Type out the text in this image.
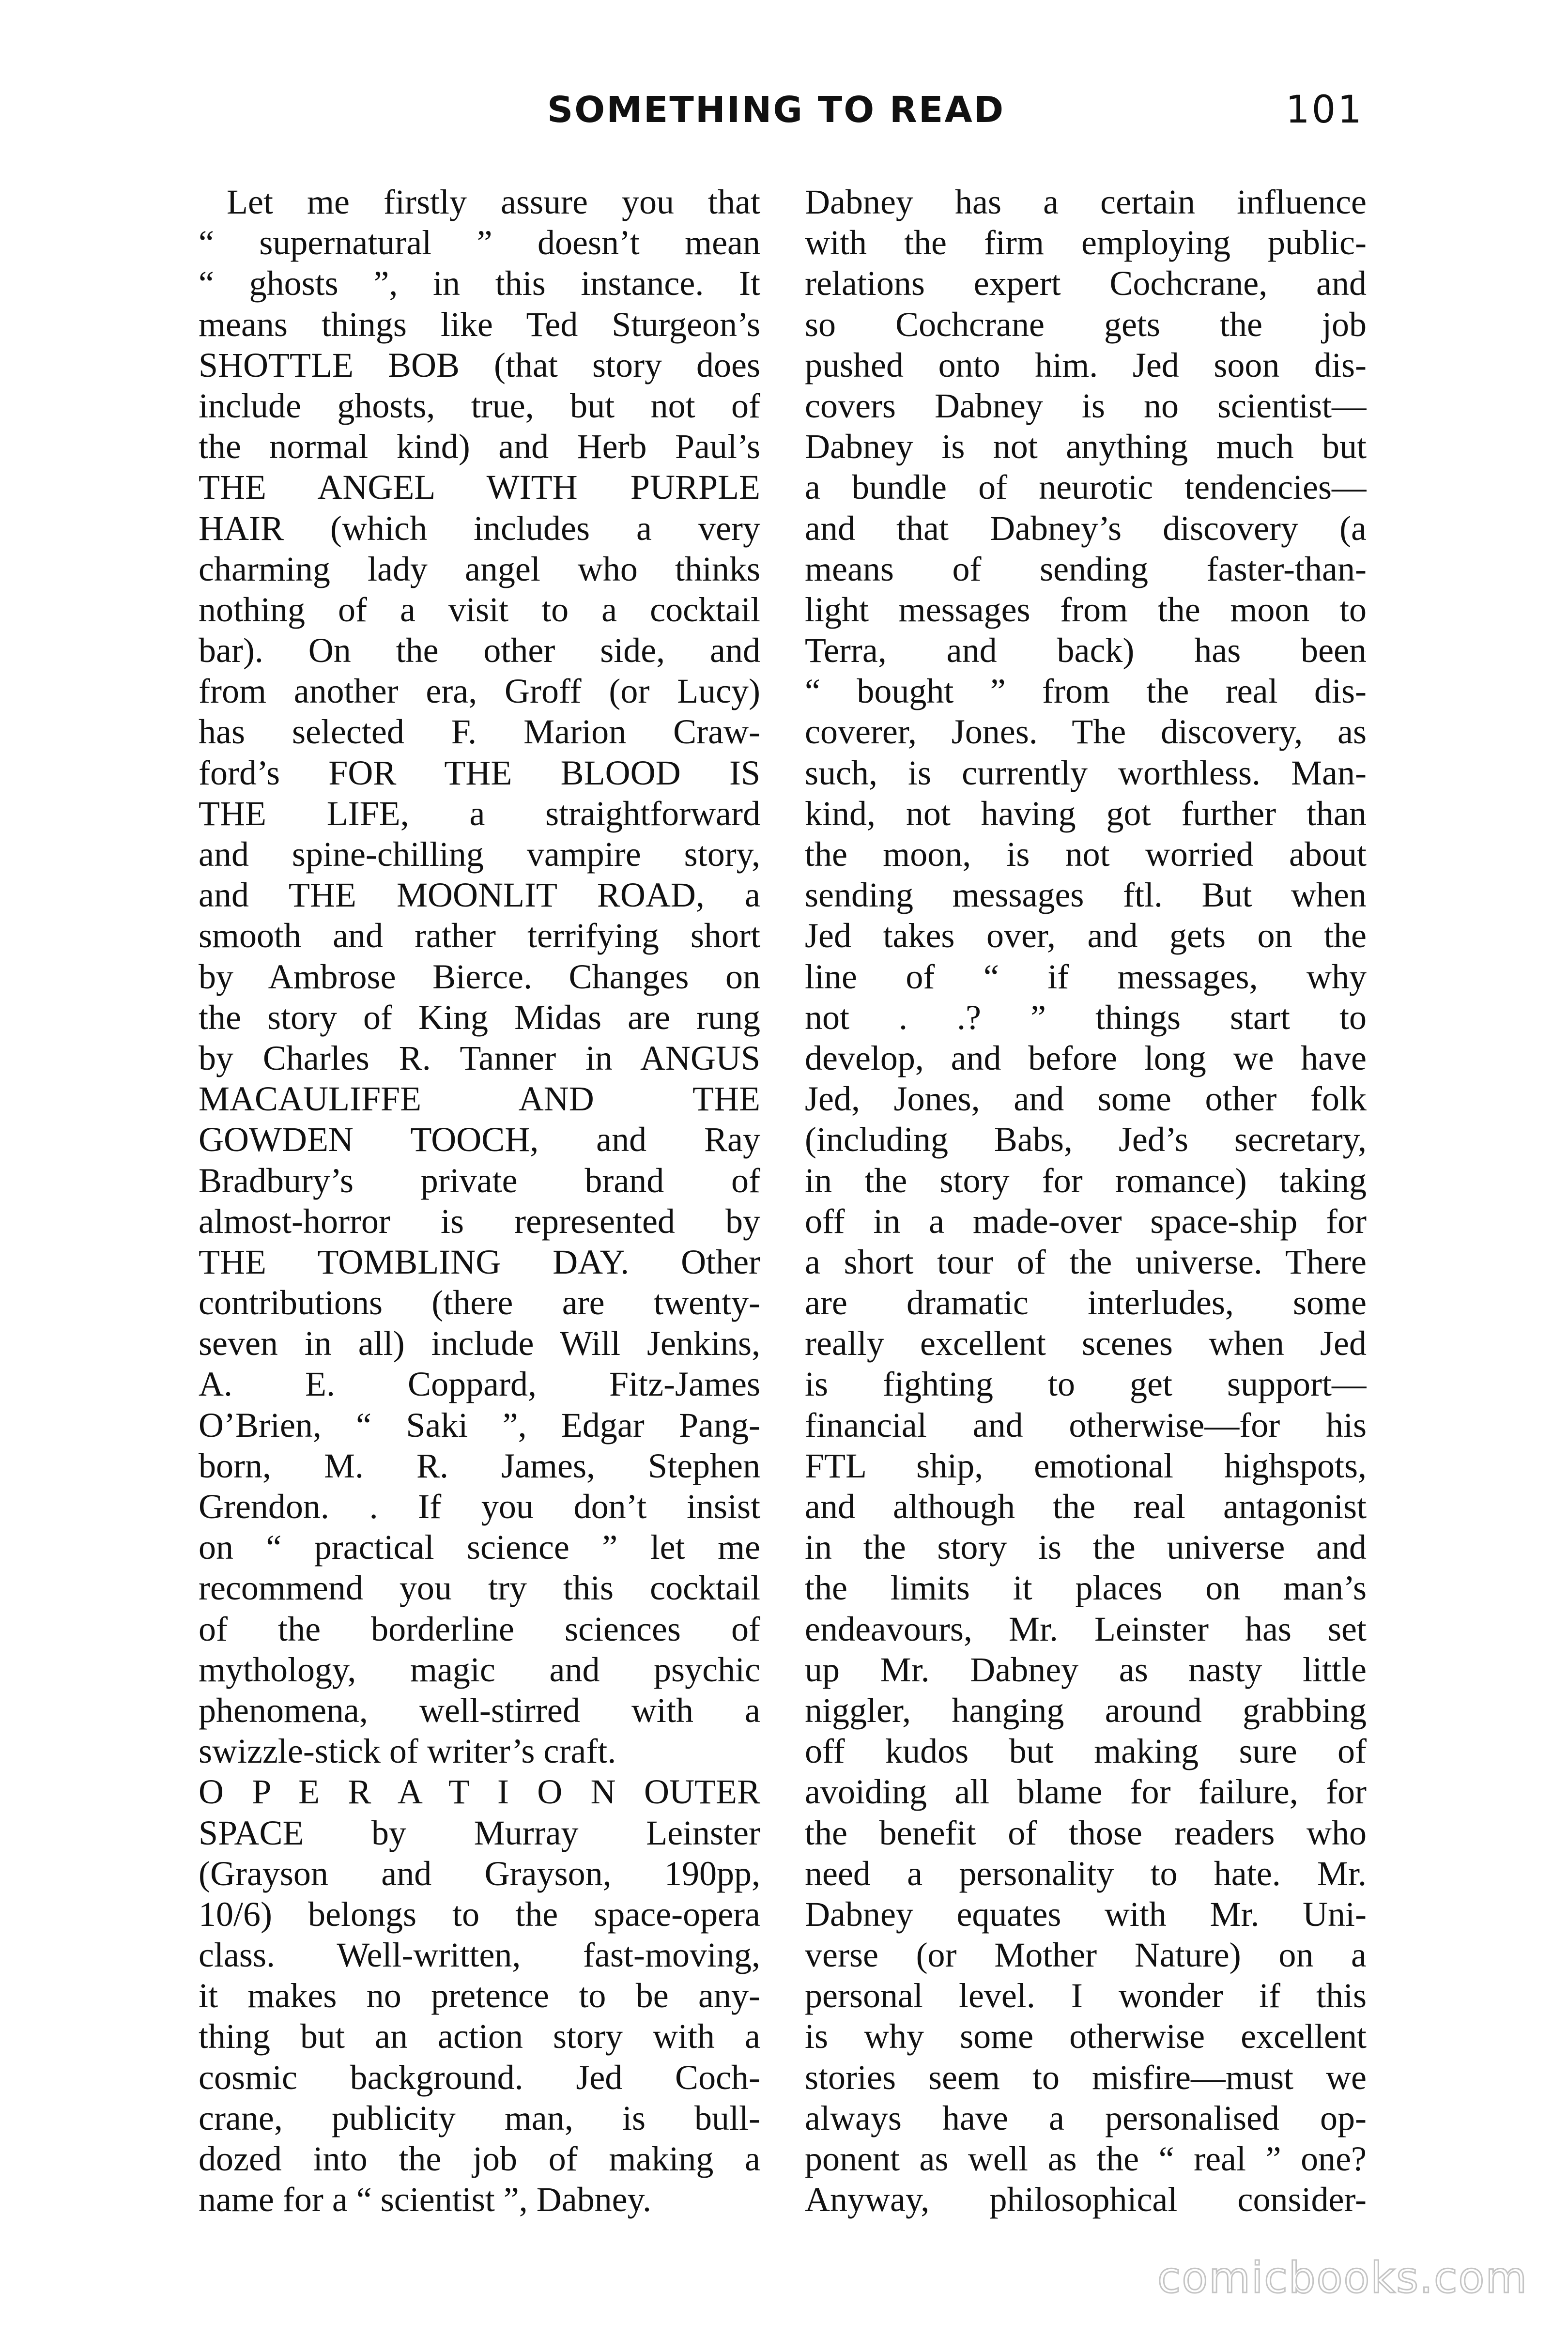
SOMETHING TO READ	101
Let me firstly assure you that
“ supernatural ” doesn’t mean
“ ghosts ”, in this instance. It
means things like Ted Sturgeon’s
SHOTTLE BOB (that story does
include ghosts, true, but not of
the normal kind) and Herb Paul’s
THE ANGEL WITH PURPLE
HAIR (which includes a very
charming lady angel who thinks
nothing of a visit to a cocktail
bar). On the other side, and
from another era, Groff (or Lucy)
has selected F. Marion Craw-
ford’s FOR THE BLOOD IS
THE LIFE, a straightforward
and spine-chilling vampire story,
and THE MOONLIT ROAD, a
smooth and rather terrifying short
by Ambrose Bierce. Changes on
the story of King Midas are rung
by Charles R. Tanner in ANGUS
MACAULIFFE AND THE
GOWDEN TOOCH, and Ray
Bradbury’s private brand of
almost-horror is represented by
THE TOMBLING DAY. Other
contributions (there are twenty-
seven in all) include Will Jenkins,
A. E. Coppard, Fitz-James
O’Brien, “ Saki ”, Edgar Pang-
born, M. R. James, Stephen
Grendon. . If you don’t insist
on “ practical science ” let me
recommend you try this cocktail
of the borderline sciences of
mythology, magic and psychic
phenomena, well-stirred with a
swizzle-stick of writer’s craft.
O P E R A T I O N OUTER
SPACE by Murray Leinster
(Grayson and Grayson, 190pp,
10/6) belongs to the space-opera
class. Well-written, fast-moving,
it makes no pretence to be any-
thing but an action story with a
cosmic background. Jed Coch-
crane, publicity man, is bull-
dozed into the job of making a
name for a “ scientist ”, Dabney.
Dabney has a certain influence
with the firm employing public-
relations expert Cochcrane, and
so Cochcrane gets the job
pushed onto him. Jed soon dis-
covers Dabney is no scientist—
Dabney is not anything much but
a bundle of neurotic tendencies—
and that Dabney’s discovery (a
means of sending faster-than-
light messages from the moon to
Terra, and back) has been
“ bought ” from the real dis-
coverer, Jones. The discovery, as
such, is currently worthless. Man-
kind, not having got further than
the moon, is not worried about
sending messages ftl. But when
Jed takes over, and gets on the
line of “ if messages, why
not . .? ” things start to
develop, and before long we have
Jed, Jones, and some other folk
(including Babs, Jed’s secretary,
in the story for romance) taking
off in a made-over space-ship for
a short tour of the universe. There
are dramatic interludes, some
really excellent scenes when Jed
is fighting to get support—
financial and otherwise—for his
FTL ship, emotional highspots,
and although the real antagonist
in the story is the universe and
the limits it places on man’s
endeavours, Mr. Leinster has set
up Mr. Dabney as nasty little
niggler, hanging around grabbing
off kudos but making sure of
avoiding all blame for failure, for
the benefit of those readers who
need a personality to hate. Mr.
Dabney equates with Mr. Uni-
verse (or Mother Nature) on a
personal level. I wonder if this
is why some otherwise excellent
stories seem to misfire—must we
always have a personalised op-
ponent as well as the “ real ” one?
Anyway, philosophical consider-
comicbooks.com
